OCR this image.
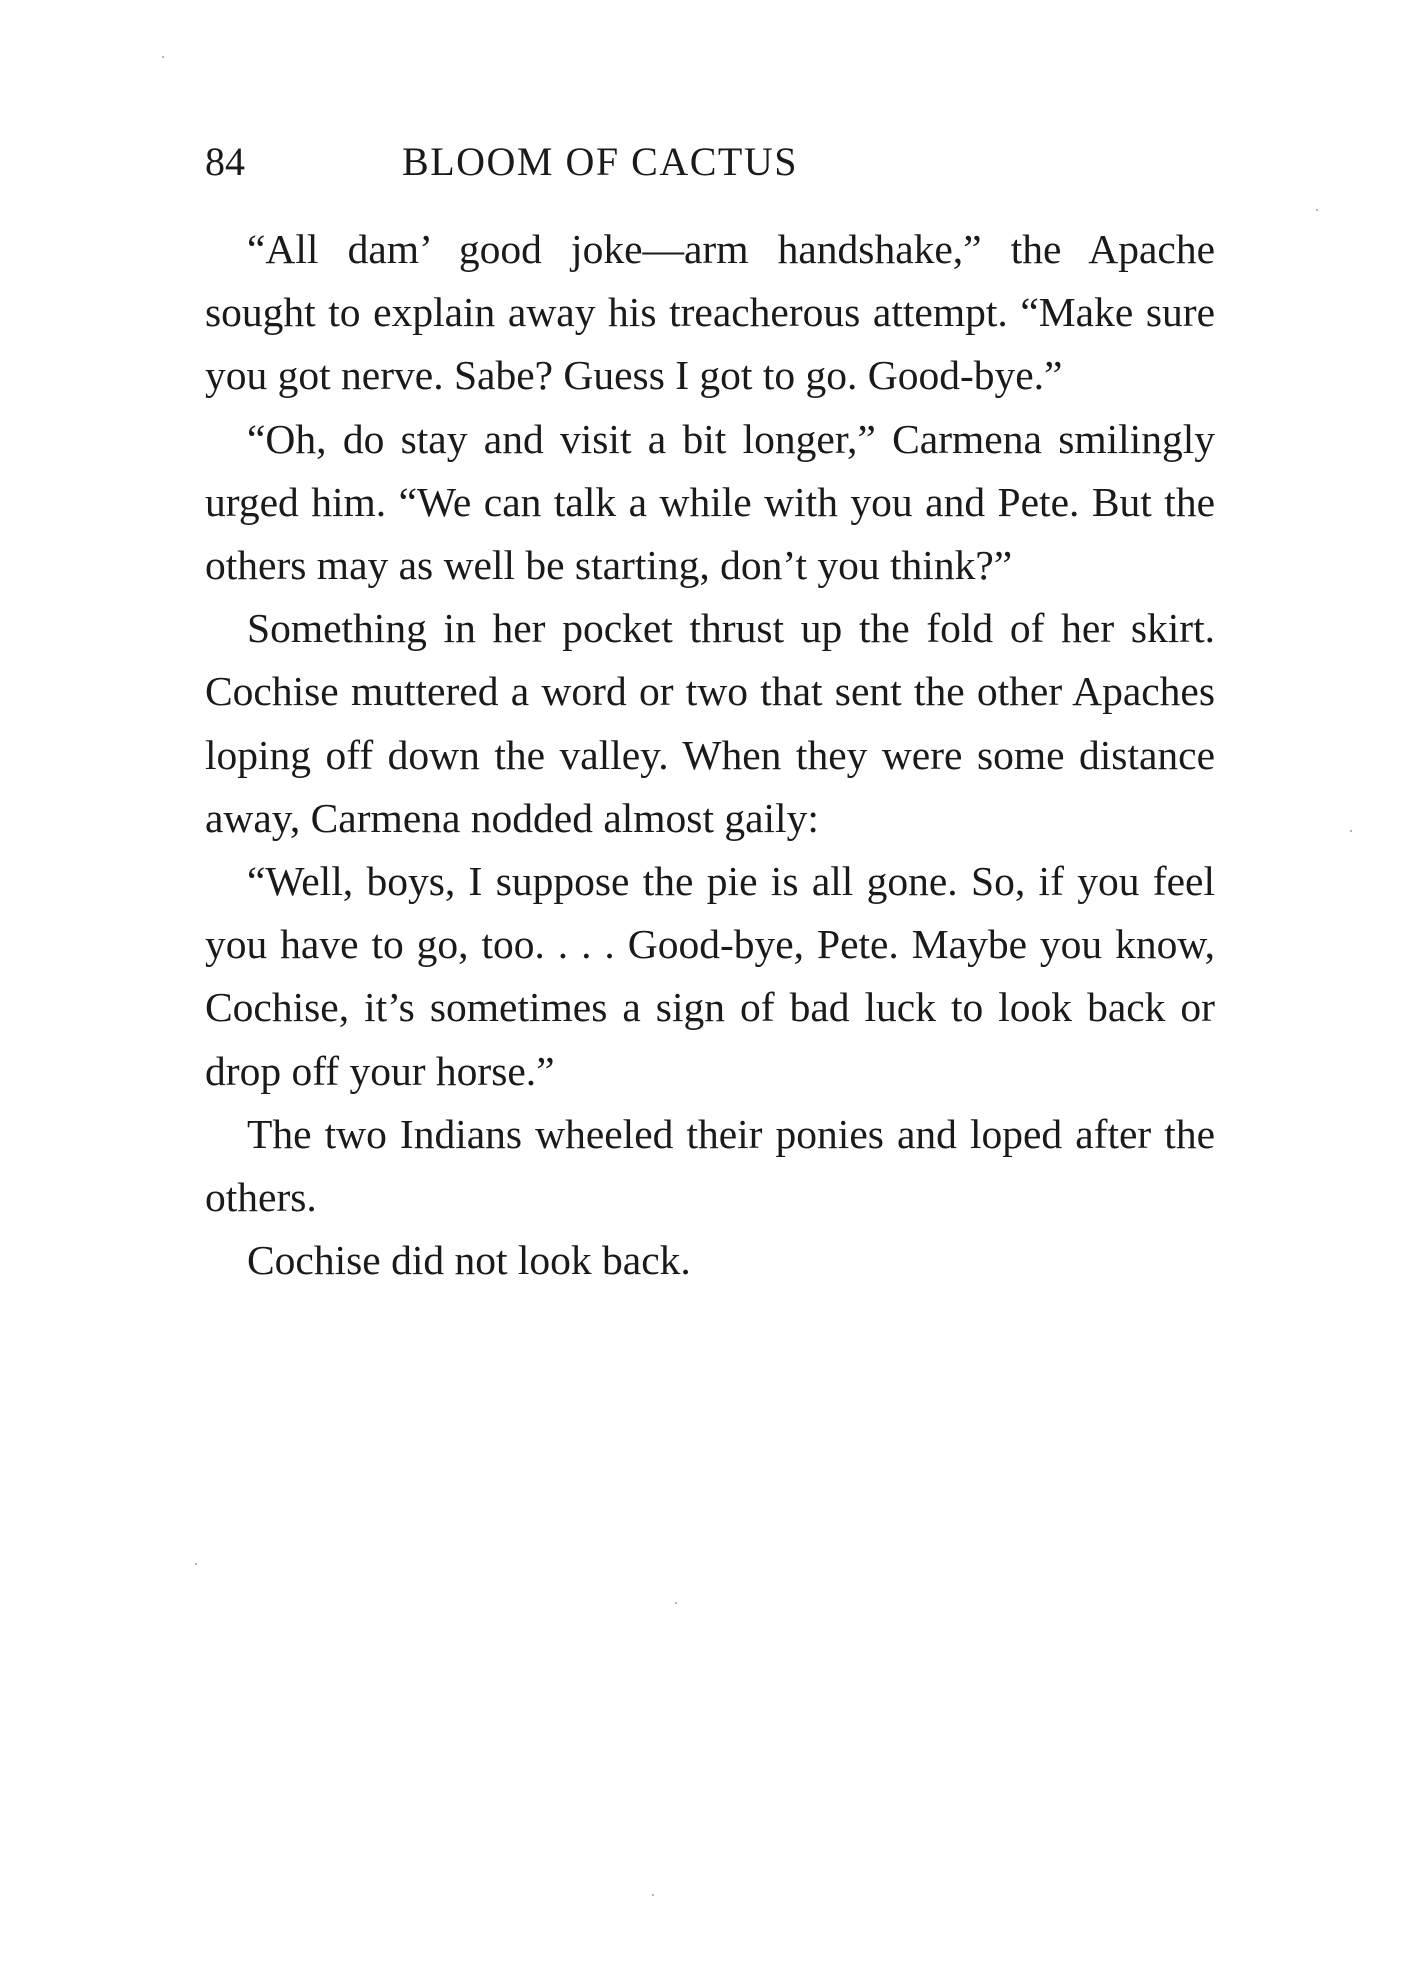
84	BLOOM OF CACTUS

“All dam’ good joke—arm handshake,” the Apache sought to explain away his treacherous attempt. “Make sure you got nerve. Sabe? Guess I got to go. Good-bye.”

“Oh, do stay and visit a bit longer,” Carmena smilingly urged him. “We can talk a while with you and Pete. But the others may as well be starting, don’t you think?”

Something in her pocket thrust up the fold of her skirt. Cochise muttered a word or two that sent the other Apaches loping off down the valley. When they were some distance away, Carmena nodded almost gaily:

“Well, boys, I suppose the pie is all gone. So, if you feel you have to go, too. . . . Good-bye, Pete. Maybe you know, Cochise, it’s sometimes a sign of bad luck to look back or drop off your horse.”

The two Indians wheeled their ponies and loped after the others.

Cochise did not look back.
